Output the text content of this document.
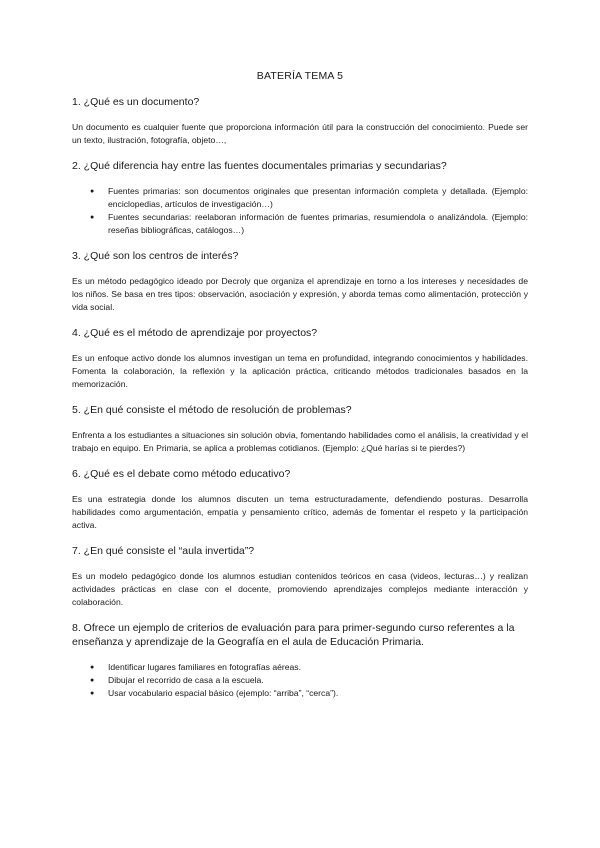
BATERÍA TEMA 5
1. ¿Qué es un documento?
Un documento es cualquier fuente que proporciona información útil para la construcción del conocimiento. Puede ser un texto, ilustración, fotografía, objeto…,
2. ¿Qué diferencia hay entre las fuentes documentales primarias y secundarias?
● Fuentes primarias: son documentos originales que presentan información completa y detallada. (Ejemplo: enciclopedias, artículos de investigación…)
● Fuentes secundarias: reelaboran información de fuentes primarias, resumiendola o analizándola. (Ejemplo: reseñas bibliográficas, catálogos…)
3. ¿Qué son los centros de interés?
Es un método pedagógico ideado por Decroly que organiza el aprendizaje en torno a los intereses y necesidades de los niños. Se basa en tres tipos: observación, asociación y expresión, y aborda temas como alimentación, protección y vida social.
4. ¿Qué es el método de aprendizaje por proyectos?
Es un enfoque activo donde los alumnos investigan un tema en profundidad, integrando conocimientos y habilidades. Fomenta la colaboración, la reflexión y la aplicación práctica, criticando métodos tradicionales basados en la memorización.
5. ¿En qué consiste el método de resolución de problemas?
Enfrenta a los estudiantes a situaciones sin solución obvia, fomentando habilidades como el análisis, la creatividad y el trabajo en equipo. En Primaria, se aplica a problemas cotidianos. (Ejemplo: ¿Qué harías si te pierdes?)
6. ¿Qué es el debate como método educativo?
Es una estrategia donde los alumnos discuten un tema estructuradamente, defendiendo posturas. Desarrolla habilidades como argumentación, empatía y pensamiento crítico, además de fomentar el respeto y la participación activa.
7. ¿En qué consiste el “aula invertida”?
Es un modelo pedagógico donde los alumnos estudian contenidos teóricos en casa (videos, lecturas…) y realizan actividades prácticas en clase con el docente, promoviendo aprendizajes complejos mediante interacción y colaboración.
8. Ofrece un ejemplo de criterios de evaluación para para primer-segundo curso referentes a la enseñanza y aprendizaje de la Geografía en el aula de Educación Primaria.
● Identificar lugares familiares en fotografías aéreas.
● Dibujar el recorrido de casa a la escuela.
● Usar vocabulario espacial básico (ejemplo: “arriba”, “cerca”).
